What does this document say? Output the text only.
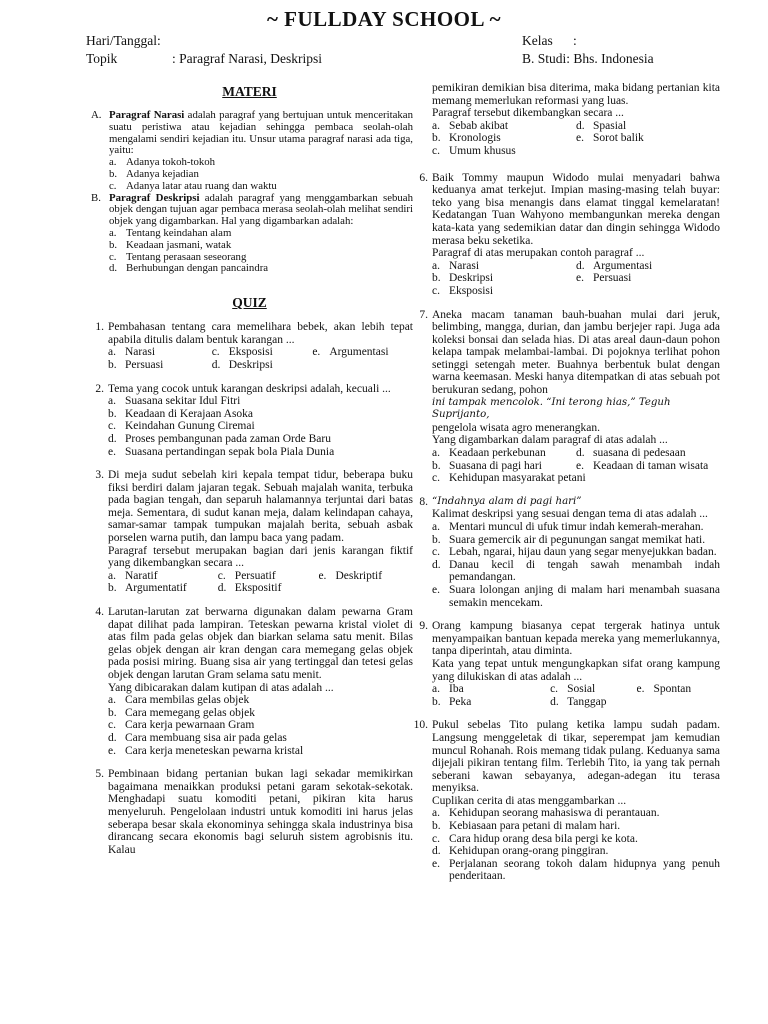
~ FULLDAY SCHOOL ~
Hari/Tanggal:	Kelas      :
Topik	: Paragraf Narasi, Deskripsi	B. Studi: Bhs. Indonesia
MATERI
A. Paragraf Narasi adalah paragraf yang bertujuan untuk menceritakan suatu peristiwa atau kejadian sehingga pembaca seolah-olah mengalami sendiri kejadian itu. Unsur utama paragraf narasi ada tiga, yaitu:
a. Adanya tokoh-tokoh
b. Adanya kejadian
c. Adanya latar atau ruang dan waktu
B. Paragraf Deskripsi adalah paragraf yang menggambarkan sebuah objek dengan tujuan agar pembaca merasa seolah-olah melihat sendiri objek yang digambarkan. Hal yang digambarkan adalah:
a. Tentang keindahan alam
b. Keadaan jasmani, watak
c. Tentang perasaan seseorang
d. Berhubungan dengan pancaindra
QUIZ
1. Pembahasan tentang cara memelihara bebek, akan lebih tepat apabila ditulis dalam bentuk karangan ...
a. Narasi	c. Eksposisi	e. Argumentasi
b. Persuasi	d. Deskripsi
2. Tema yang cocok untuk karangan deskripsi adalah, kecuali ...
a. Suasana sekitar Idul Fitri
b. Keadaan di Kerajaan Asoka
c. Keindahan Gunung Ciremai
d. Proses pembangunan pada zaman Orde Baru
e. Suasana pertandingan sepak bola Piala Dunia
3. Di meja sudut sebelah kiri kepala tempat tidur, beberapa buku fiksi berdiri dalam jajaran tegak. Sebuah majalah wanita, terbuka pada bagian tengah, dan separuh halamannya terjuntai dari batas meja. Sementara, di sudut kanan meja, dalam kelindapan cahaya, samar-samar tampak tumpukan majalah berita, sebuah asbak porselen warna putih, dan lampu baca yang padam.
Paragraf tersebut merupakan bagian dari jenis karangan fiktif yang dikembangkan secara ...
a. Naratif	c. Persuatif	e. Deskriptif
b. Argumentatif	d. Ekspositif
4. Larutan-larutan zat berwarna digunakan dalam pewarna Gram dapat dilihat pada lampiran. Teteskan pewarna kristal violet di atas film pada gelas objek dan biarkan selama satu menit. Bilas gelas objek dengan air kran dengan cara memegang gelas objek pada posisi miring. Buang sisa air yang tertinggal dan tetesi gelas objek dengan larutan Gram selama satu menit.
Yang dibicarakan dalam kutipan di atas adalah ...
a. Cara membilas gelas objek
b. Cara memegang gelas objek
c. Cara kerja pewarnaan Gram
d. Cara membuang sisa air pada gelas
e. Cara kerja meneteskan pewarna kristal
5. Pembinaan bidang pertanian bukan lagi sekadar memikirkan bagaimana menaikkan produksi petani garam sekotak-sekotak. Menghadapi suatu komoditi petani, pikiran kita harus menyeluruh. Pengelolaan industri untuk komoditi ini harus jelas seberapa besar skala ekonominya sehingga skala industrinya bisa dirancang secara ekonomis bagi seluruh sistem agrobisnis itu. Kalau
pemikiran demikian bisa diterima, maka bidang pertanian kita memang memerlukan reformasi yang luas.
Paragraf tersebut dikembangkan secara ...
a. Sebab akibat	d. Spasial
b. Kronologis	e. Sorot balik
c. Umum khusus
6. Baik Tommy maupun Widodo mulai menyadari bahwa keduanya amat terkejut. Impian masing-masing telah buyar: teko yang bisa menangis dans elamat tinggal kemelaratan! Kedatangan Tuan Wahyono membangunkan mereka dengan kata-kata yang sedemikian datar dan dingin sehingga Widodo merasa beku seketika.
Paragraf di atas merupakan contoh paragraf ...
a. Narasi	d. Argumentasi
b. Deskripsi	e. Persuasi
c. Eksposisi
7. Aneka macam tanaman bauh-buahan mulai dari jeruk, belimbing, mangga, durian, dan jambu berjejer rapi. Juga ada koleksi bonsai dan selada hias. Di atas areal daun-daun pohon kelapa tampak melambai-lambai. Di pojoknya terlihat pohon setinggi setengah meter. Buahnya berbentuk bulat dengan warna keemasan. Meski hanya ditempatkan di atas sebuah pot berukuran sedang, pohon
ini tampak mencolok. “Ini terong hias,” Teguh Suprijanto,
pengelola wisata agro menerangkan.
Yang digambarkan dalam paragraf di atas adalah ...
a. Keadaan perkebunan	d. suasana di pedesaan
b. Suasana di pagi hari	e. Keadaan di taman wisata
c. Kehidupan masyarakat petani
8. “Indahnya alam di pagi hari”
Kalimat deskripsi yang sesuai dengan tema di atas adalah ...
a. Mentari muncul di ufuk timur indah kemerah-merahan.
b. Suara gemercik air di pegunungan sangat memikat hati.
c. Lebah, ngarai, hijau daun yang segar menyejukkan badan.
d. Danau kecil di tengah sawah menambah indah pemandangan.
e. Suara lolongan anjing di malam hari menambah suasana semakin mencekam.
9. Orang kampung biasanya cepat tergerak hatinya untuk menyampaikan bantuan kepada mereka yang memerlukannya, tanpa diperintah, atau diminta.
Kata yang tepat untuk mengungkapkan sifat orang kampung yang dilukiskan di atas adalah ...
a. Iba	c. Sosial	e. Spontan
b. Peka	d. Tanggap
10. Pukul sebelas Tito pulang ketika lampu sudah padam. Langsung menggeletak di tikar, seperempat jam kemudian muncul Rohanah. Rois memang tidak pulang. Keduanya sama dijejali pikiran tentang film. Terlebih Tito, ia yang tak pernah seberani kawan sebayanya, adegan-adegan itu terasa menyiksa.
Cuplikan cerita di atas menggambarkan ...
a. Kehidupan seorang mahasiswa di perantauan.
b. Kebiasaan para petani di malam hari.
c. Cara hidup orang desa bila pergi ke kota.
d. Kehidupan orang-orang pinggiran.
e. Perjalanan seorang tokoh dalam hidupnya yang penuh penderitaan.
